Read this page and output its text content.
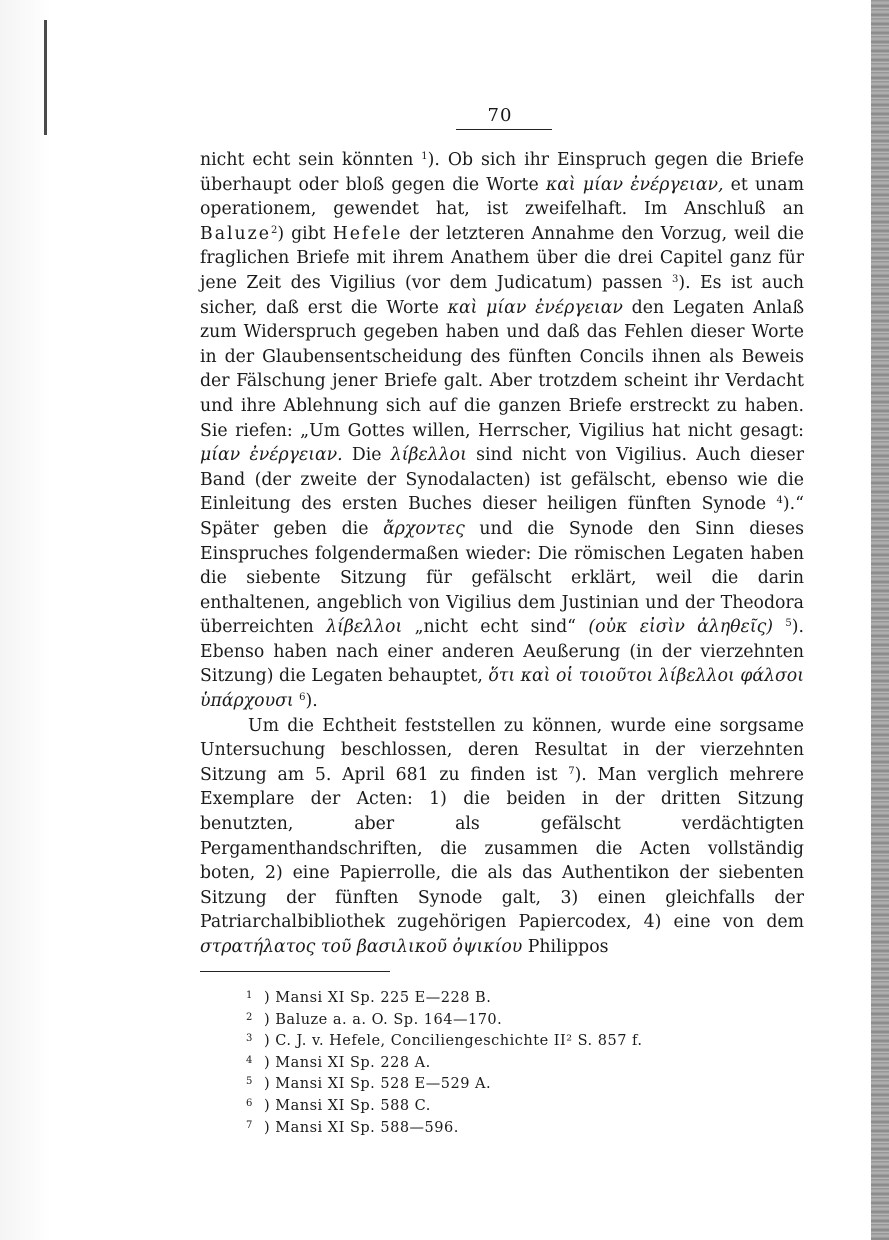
70

nicht echt sein könnten $^1$). Ob sich ihr Einspruch gegen die Briefe überhaupt oder bloß gegen die Worte καὶ μίαν ἐνέργειαν, et unam operationem, gewendet hat, ist zweifelhaft. Im Anschluß an Baluze$^2$) gibt Hefele der letzteren Annahme den Vorzug, weil die fraglichen Briefe mit ihrem Anathem über die drei Capitel ganz für jene Zeit des Vigilius (vor dem Judicatum) passen $^3$). Es ist auch sicher, daß erst die Worte καὶ μίαν ἐνέργειαν den Legaten Anlaß zum Widerspruch gegeben haben und daß das Fehlen dieser Worte in der Glaubensentscheidung des fünften Concils ihnen als Beweis der Fälschung jener Briefe galt. Aber trotzdem scheint ihr Verdacht und ihre Ablehnung sich auf die ganzen Briefe erstreckt zu haben. Sie riefen: „Um Gottes willen, Herrscher, Vigilius hat nicht gesagt: μίαν ἐνέργειαν. Die λίβελλοι sind nicht von Vigilius. Auch dieser Band (der zweite der Synodalacten) ist gefälscht, ebenso wie die Einleitung des ersten Buches dieser heiligen fünften Synode $^4$).“ Später geben die ἄρχοντες und die Synode den Sinn dieses Einspruches folgendermaßen wieder: Die römischen Legaten haben die siebente Sitzung für gefälscht erklärt, weil die darin enthaltenen, angeblich von Vigilius dem Justinian und der Theodora überreichten λίβελλοι „nicht echt sind“ (οὐκ εἰσὶν ἀληθεῖς) $^5$). Ebenso haben nach einer anderen Aeußerung (in der vierzehnten Sitzung) die Legaten behauptet, ὅτι καὶ οἱ τοιοῦτοι λίβελλοι φάλσοι ὑπάρχουσι $^6$).

Um die Echtheit feststellen zu können, wurde eine sorgsame Untersuchung beschlossen, deren Resultat in der vierzehnten Sitzung am 5. April 681 zu finden ist $^7$). Man verglich mehrere Exemplare der Acten: 1) die beiden in der dritten Sitzung benutzten, aber als gefälscht verdächtigten Pergamenthandschriften, die zusammen die Acten vollständig boten, 2) eine Papierrolle, die als das Authentikon der siebenten Sitzung der fünften Synode galt, 3) einen gleichfalls der Patriarchalbibliothek zugehörigen Papiercodex, 4) eine von dem στρατήλατος τοῦ βασιλικοῦ ὀψικίου Philippos

1 ) Mansi XI Sp. 225 E—228 B.
2 ) Baluze a. a. O. Sp. 164—170.
3 ) C. J. v. Hefele, Conciliengeschichte II² S. 857 f.
4 ) Mansi XI Sp. 228 A.
5 ) Mansi XI Sp. 528 E—529 A.
6 ) Mansi XI Sp. 588 C.
7 ) Mansi XI Sp. 588—596.
